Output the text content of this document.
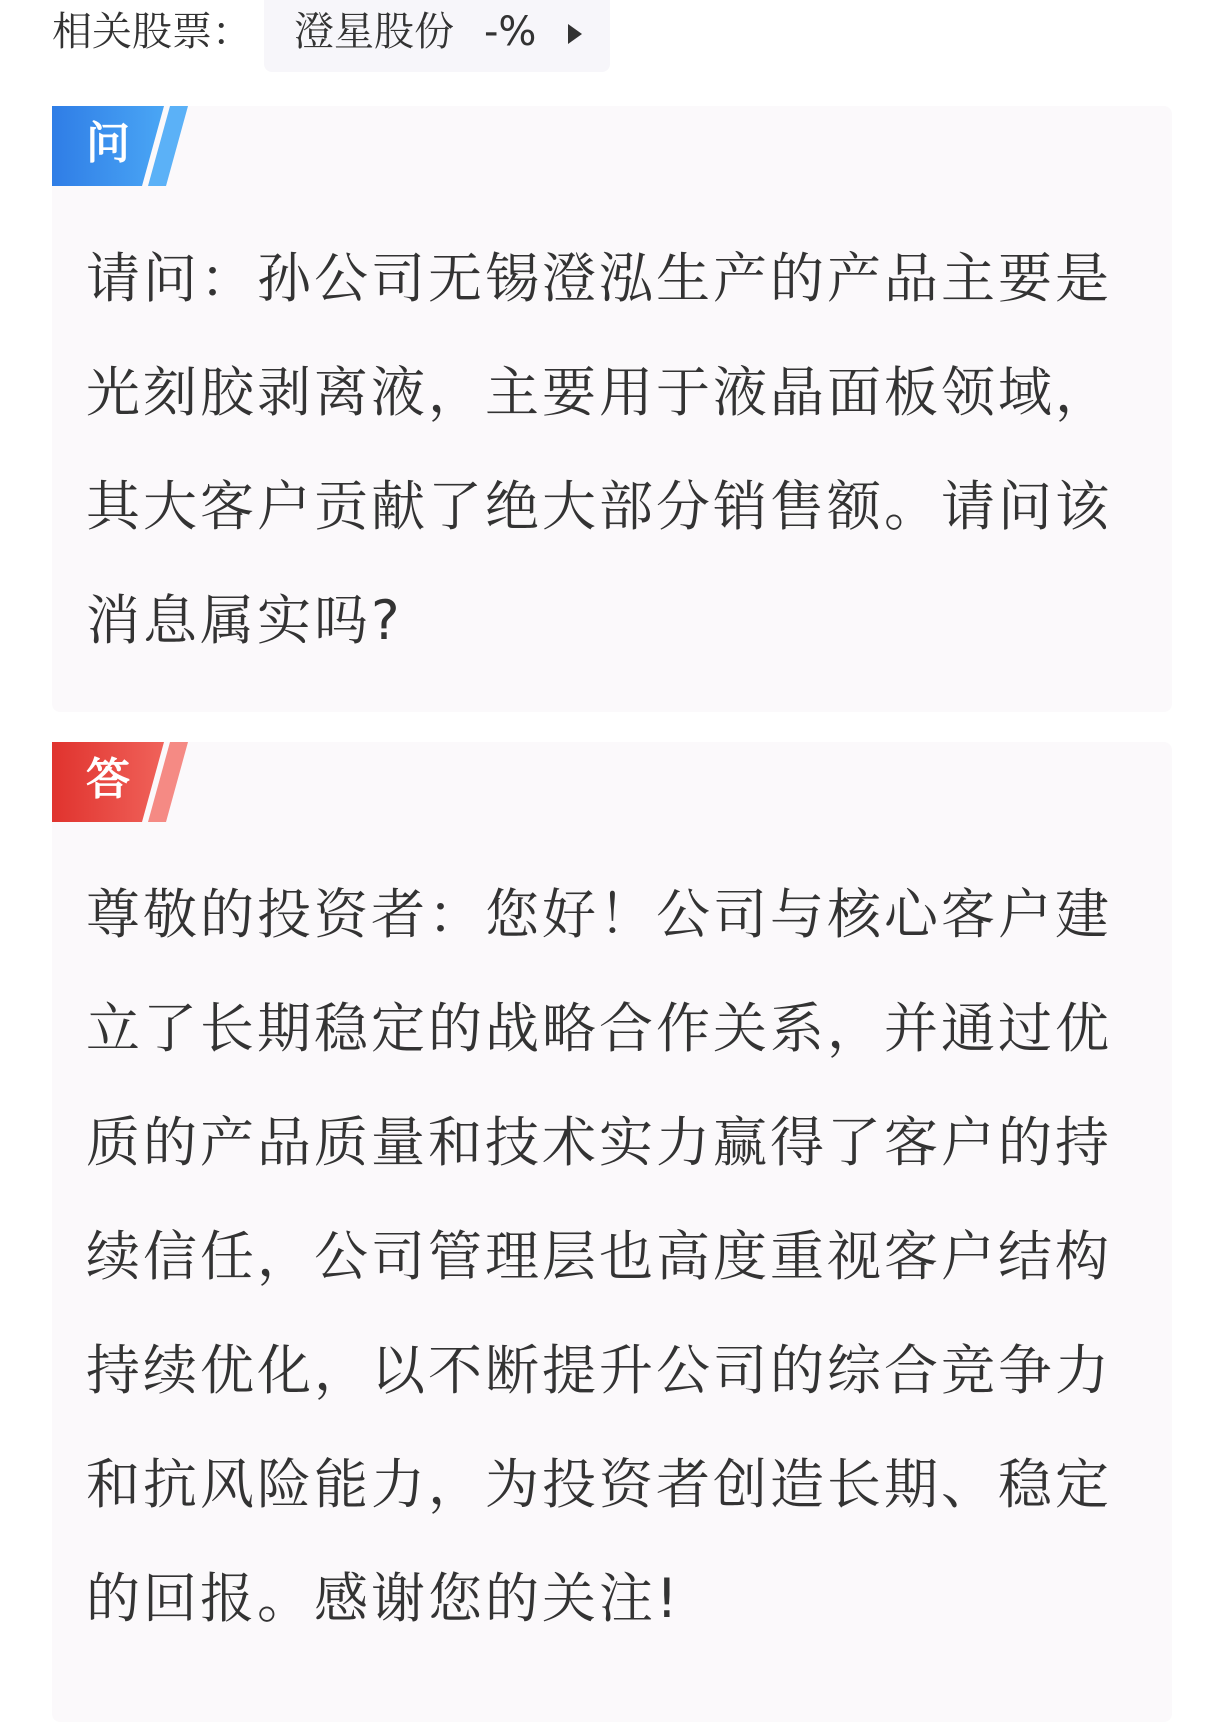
相关股票： 澄星股份 -%
问

请问：孙公司无锡澄泓生产的产品主要是光刻胶剥离液，主要用于液晶面板领域，其大客户贡献了绝大部分销售额。请问该消息属实吗?

答

尊敬的投资者：您好！公司与核心客户建立了长期稳定的战略合作关系，并通过优质的产品质量和技术实力赢得了客户的持续信任，公司管理层也高度重视客户结构持续优化，以不断提升公司的综合竞争力和抗风险能力，为投资者创造长期、稳定的回报。感谢您的关注!
